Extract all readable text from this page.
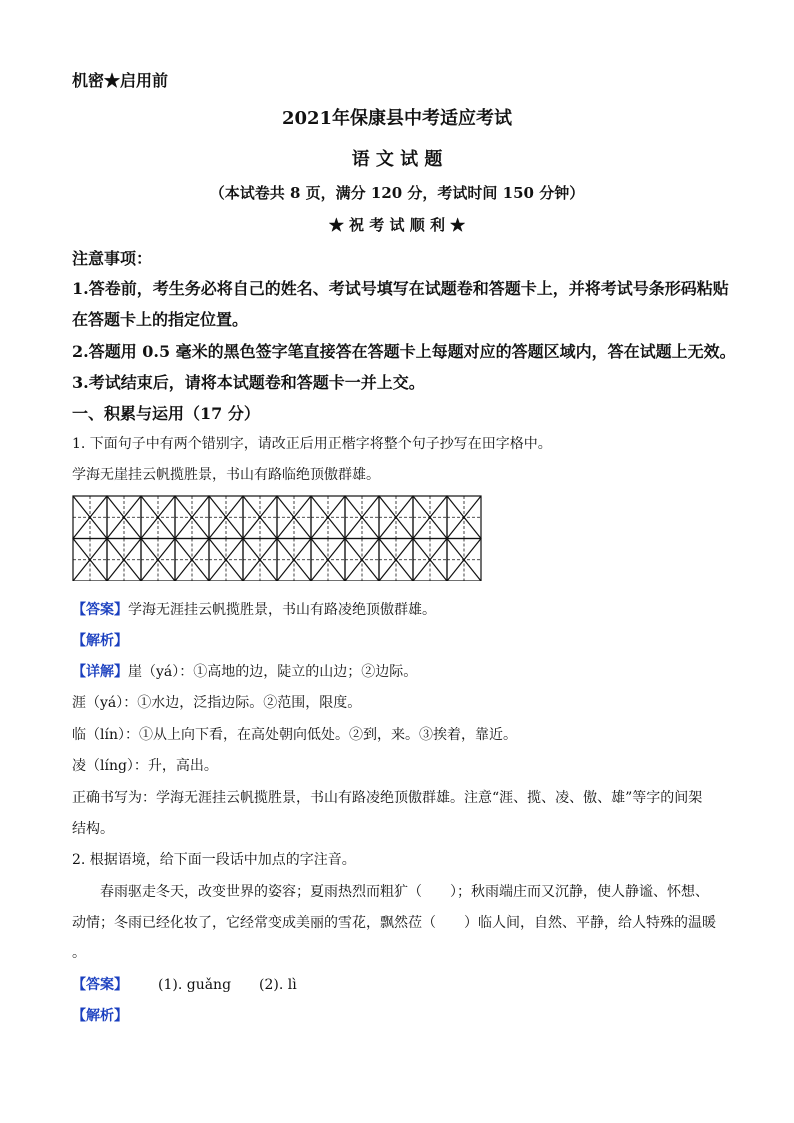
机密★启用前
2021年保康县中考适应考试
语 文 试 题
（本试卷共 8 页，满分 120 分，考试时间 150 分钟）
★ 祝 考 试 顺 利 ★
注意事项：
1.答卷前，考生务必将自己的姓名、考试号填写在试题卷和答题卡上，并将考试号条形码粘贴
在答题卡上的指定位置。
2.答题用 0.5 毫米的黑色签字笔直接答在答题卡上每题对应的答题区域内，答在试题上无效。
3.考试结束后，请将本试题卷和答题卡一并上交。
一、积累与运用（17 分）
1. 下面句子中有两个错别字，请改正后用正楷字将整个句子抄写在田字格中。
学海无崖挂云帆揽胜景，书山有路临绝顶傲群雄。
【答案】学海无涯挂云帆揽胜景，书山有路凌绝顶傲群雄。
【解析】
【详解】崖（yá）：①高地的边，陡立的山边；②边际。
涯（yá）：①水边，泛指边际。②范围，限度。
临（lín）：①从上向下看，在高处朝向低处。②到，来。③挨着，靠近。
凌（líng）：升，高出。
正确书写为：学海无涯挂云帆揽胜景，书山有路凌绝顶傲群雄。注意“涯、揽、凌、傲、雄”等字的间架
结构。
2. 根据语境，给下面一段话中加点的字注音。
春雨驱走冬天，改变世界的姿容；夏雨热烈而粗犷（　　）；秋雨端庄而又沉静，使人静谧、怀想、
动情；冬雨已经化妆了，它经常变成美丽的雪花，飘然莅（　　）临人间，自然、平静，给人特殊的温暖
。
【答案】 (1). guǎng　　(2). lì
【解析】
